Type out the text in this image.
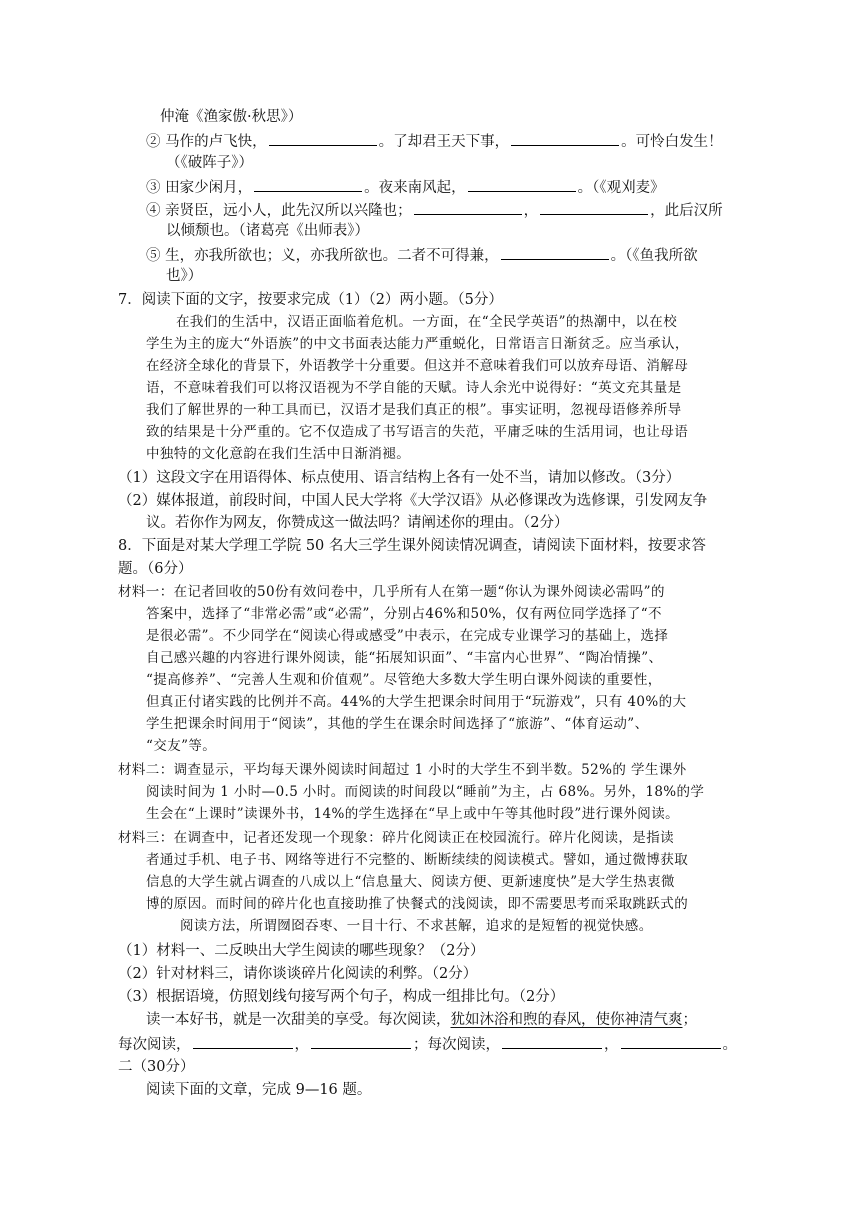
仲淹《渔家傲·秋思》）
② 马作的卢飞快，	。了却君王天下事，	。可怜白发生！
（《破阵子》）
③ 田家少闲月，	。夜来南风起，	。（《观刈麦》
④ 亲贤臣，远小人，此先汉所以兴隆也；	，	，此后汉所
以倾颓也。（诸葛亮《出师表》）
⑤ 生，亦我所欲也；义，亦我所欲也。二者不可得兼，	。（《鱼我所欲
也》）
7．阅读下面的文字，按要求完成（1）（2）两小题。（5分）
在我们的生活中，汉语正面临着危机。一方面，在“全民学英语”的热潮中，以在校
学生为主的庞大“外语族”的中文书面表达能力严重蜕化，日常语言日渐贫乏。应当承认，
在经济全球化的背景下，外语教学十分重要。但这并不意味着我们可以放弃母语、消解母
语，不意味着我们可以将汉语视为不学自能的天赋。诗人余光中说得好：“英文充其量是
我们了解世界的一种工具而已，汉语才是我们真正的根”。事实证明，忽视母语修养所导
致的结果是十分严重的。它不仅造成了书写语言的失范，平庸乏味的生活用词，也让母语
中独特的文化意韵在我们生活中日渐消褪。
（1）这段文字在用语得体、标点使用、语言结构上各有一处不当，请加以修改。（3分）
（2）媒体报道，前段时间，中国人民大学将《大学汉语》从必修课改为选修课，引发网友争
议。若你作为网友，你赞成这一做法吗？请阐述你的理由。（2分）
8．下面是对某大学理工学院 50 名大三学生课外阅读情况调查，请阅读下面材料，按要求答
题。（6分）
材料一：在记者回收的50份有效问卷中，几乎所有人在第一题“你认为课外阅读必需吗”的
答案中，选择了“非常必需”或“必需”，分别占46%和50%，仅有两位同学选择了“不
是很必需”。不少同学在“阅读心得或感受”中表示，在完成专业课学习的基础上，选择
自己感兴趣的内容进行课外阅读，能“拓展知识面”、“丰富内心世界”、“陶冶情操”、
“提高修养”、“完善人生观和价值观”。尽管绝大多数大学生明白课外阅读的重要性，
但真正付诸实践的比例并不高。44%的大学生把课余时间用于“玩游戏”，只有 40%的大
学生把课余时间用于“阅读”，其他的学生在课余时间选择了“旅游”、“体育运动”、
“交友”等。
材料二：调查显示，平均每天课外阅读时间超过 1 小时的大学生不到半数。52%的 学生课外
阅读时间为 1 小时—0.5 小时。而阅读的时间段以“睡前”为主，占 68%。另外，18%的学
生会在“上课时”读课外书，14%的学生选择在“早上或中午等其他时段”进行课外阅读。
材料三：在调查中，记者还发现一个现象：碎片化阅读正在校园流行。碎片化阅读，是指读
者通过手机、电子书、网络等进行不完整的、断断续续的阅读模式。譬如，通过微博获取
信息的大学生就占调查的八成以上“信息量大、阅读方便、更新速度快”是大学生热衷微
博的原因。而时间的碎片化也直接助推了快餐式的浅阅读，即不需要思考而采取跳跃式的
阅读方法，所谓囫囵吞枣、一目十行、不求甚解，追求的是短暂的视觉快感。
（1）材料一、二反映出大学生阅读的哪些现象？（2分）
（2）针对材料三，请你谈谈碎片化阅读的利弊。（2分）
（3）根据语境，仿照划线句接写两个句子，构成一组排比句。（2分）
读一本好书，就是一次甜美的享受。每次阅读，犹如沐浴和煦的春风，使你神清气爽；
每次阅读，	，	；每次阅读，	，	。
二（30分）
阅读下面的文章，完成 9—16 题。
